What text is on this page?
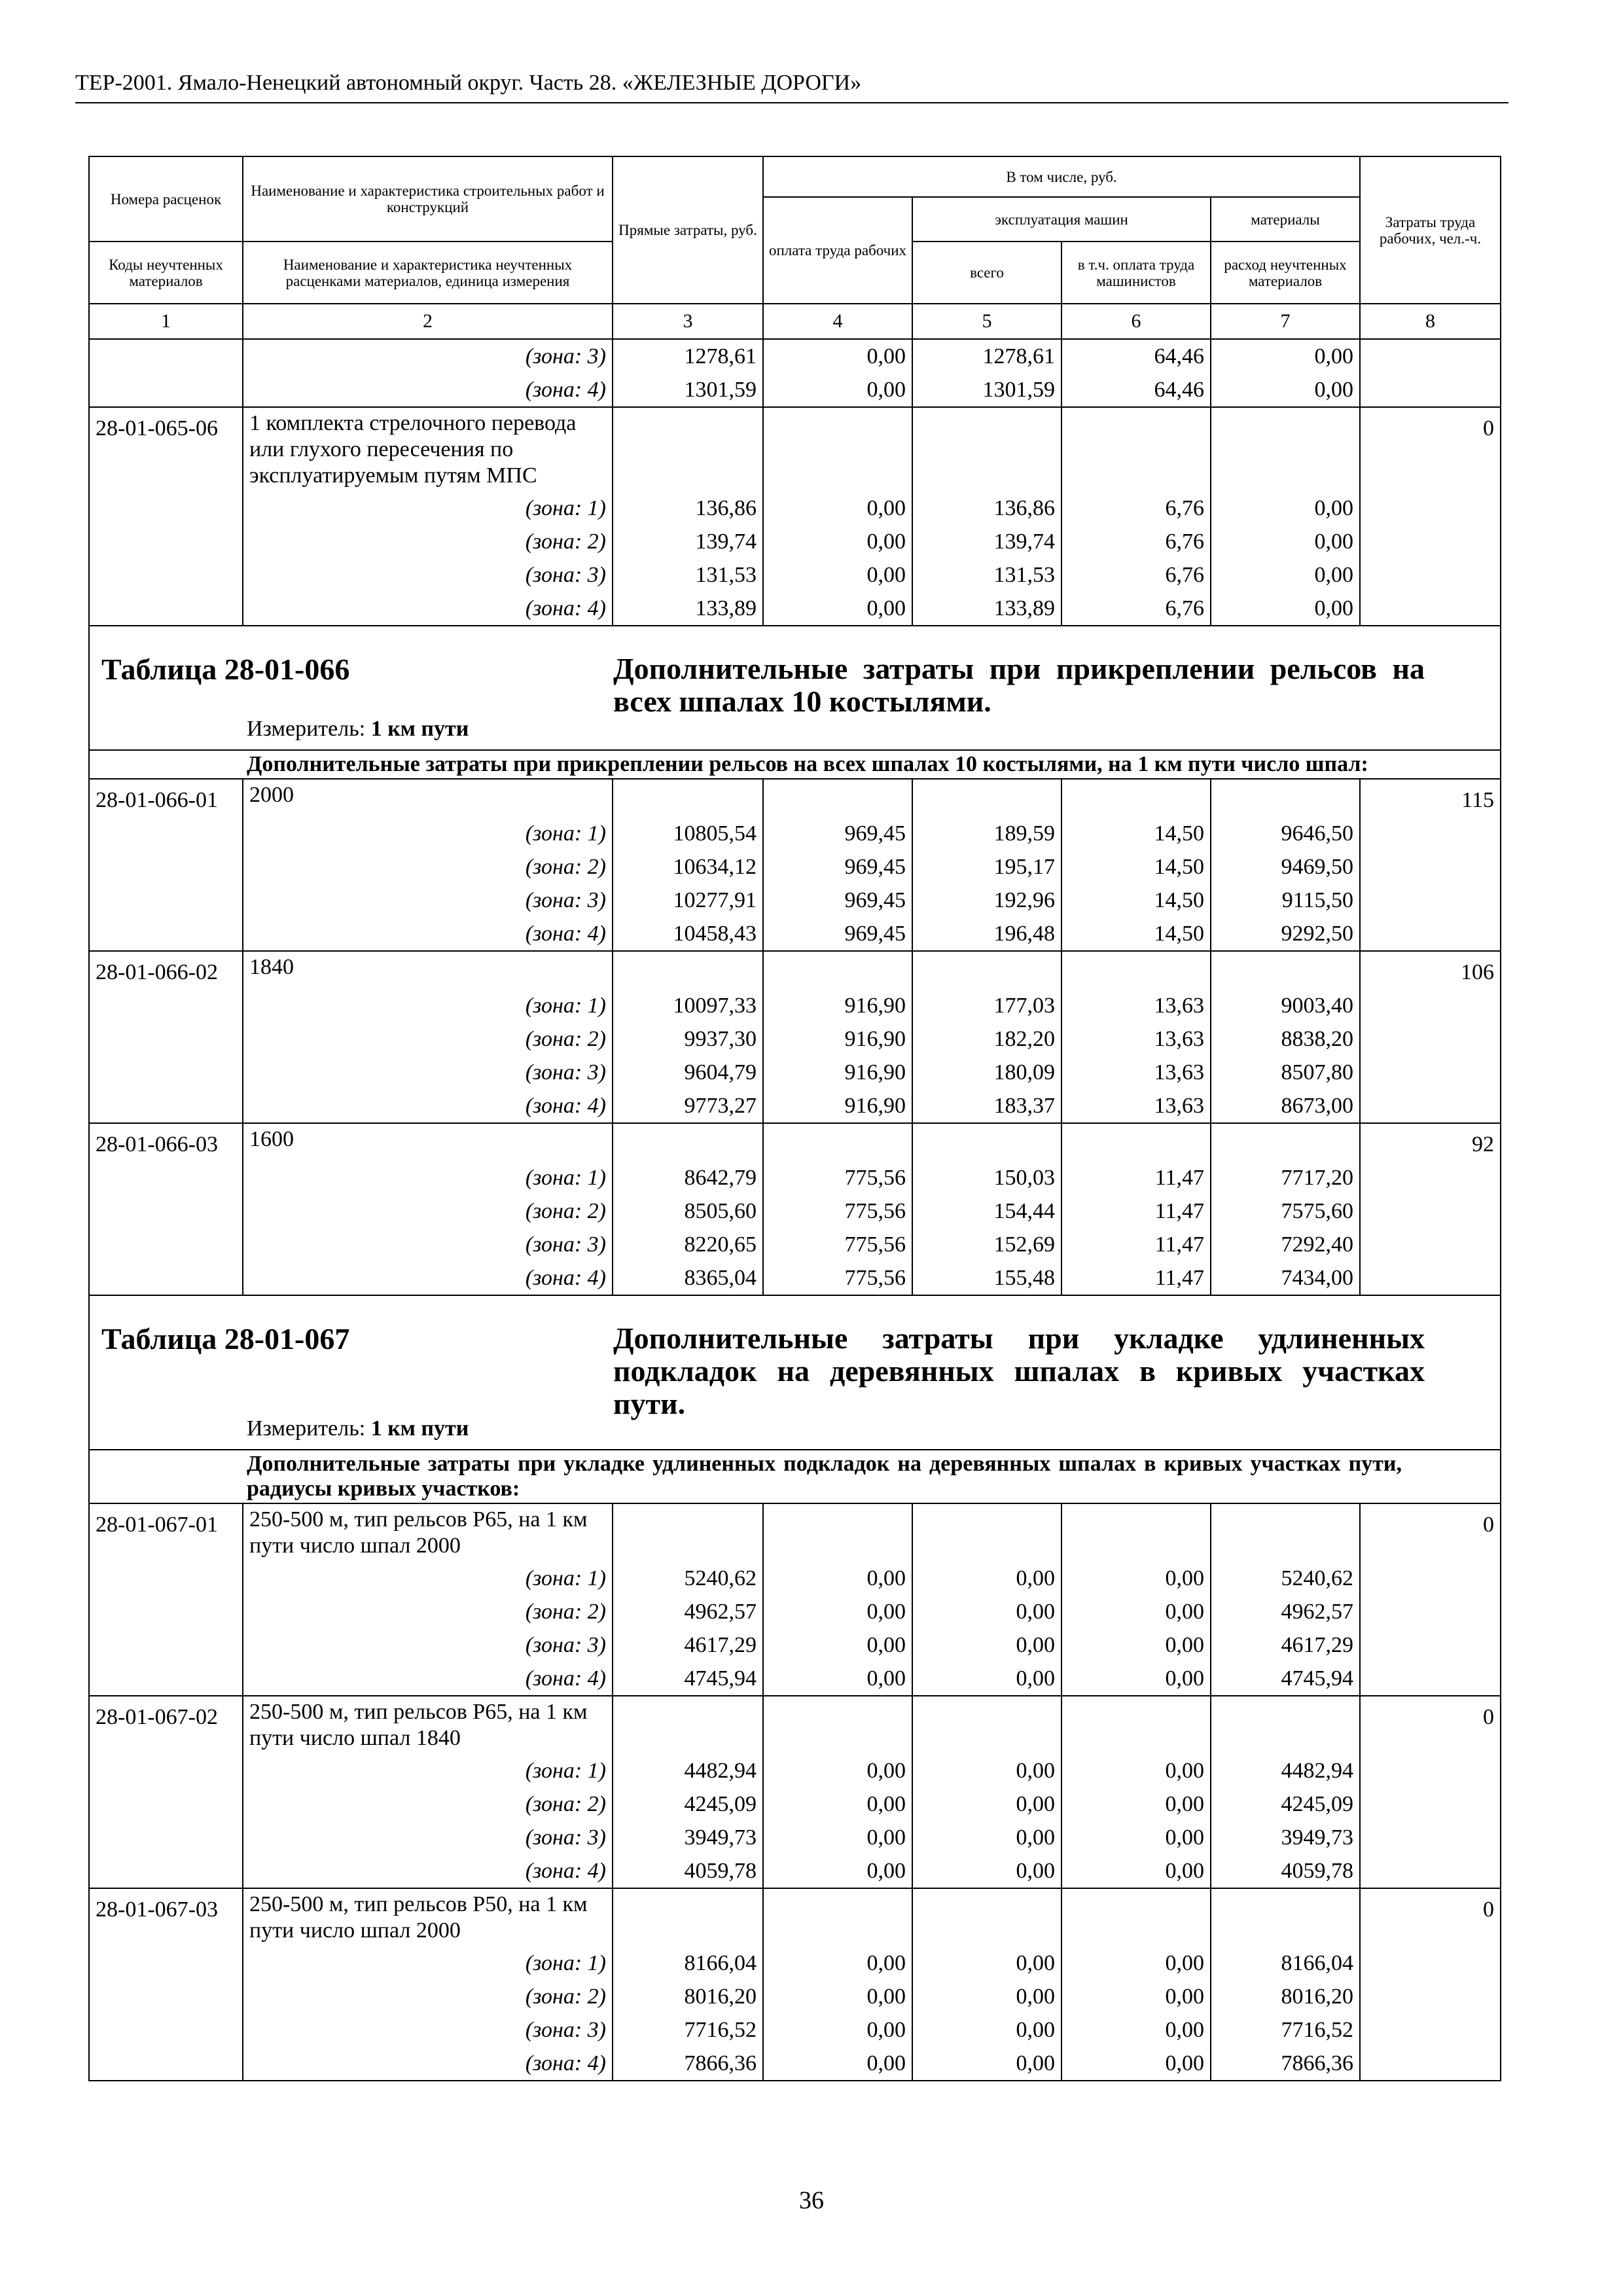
ТЕР-2001. Ямало-Ненецкий автономный округ. Часть 28. «ЖЕЛЕЗНЫЕ ДОРОГИ»
Номера расценок	Наименование и характеристика строительных работ и конструкций	Прямые затраты, руб.	В том числе, руб.				Затраты труда рабочих, чел.-ч.
			оплата труда рабочих	эксплуатация машин		материалы	
Коды неучтенных материалов	Наименование и характеристика неучтенных расценками материалов, единица измерения			всего	в т.ч. оплата труда машинистов	расход неучтенных материалов	
1	2	3	4	5	6	7	8
	(зона: 3)	1278,61	0,00	1278,61	64,46	0,00	
	(зона: 4)	1301,59	0,00	1301,59	64,46	0,00	
28-01-065-06	1 комплекта стрелочного перевода или глухого пересечения по эксплуатируемым путям МПС						0
	(зона: 1)	136,86	0,00	136,86	6,76	0,00	
	(зона: 2)	139,74	0,00	139,74	6,76	0,00	
	(зона: 3)	131,53	0,00	131,53	6,76	0,00	
	(зона: 4)	133,89	0,00	133,89	6,76	0,00	

Таблица 28-01-066 Дополнительные затраты при прикреплении рельсов на всех шпалах 10 костылями.
Измеритель: 1 км пути							

Дополнительные затраты при прикреплении рельсов на всех шпалах 10 костылями, на 1 км пути число шпал:							
28-01-066-01	2000						115
	(зона: 1)	10805,54	969,45	189,59	14,50	9646,50	
	(зона: 2)	10634,12	969,45	195,17	14,50	9469,50	
	(зона: 3)	10277,91	969,45	192,96	14,50	9115,50	
	(зона: 4)	10458,43	969,45	196,48	14,50	9292,50	
28-01-066-02	1840						106
	(зона: 1)	10097,33	916,90	177,03	13,63	9003,40	
	(зона: 2)	9937,30	916,90	182,20	13,63	8838,20	
	(зона: 3)	9604,79	916,90	180,09	13,63	8507,80	
	(зона: 4)	9773,27	916,90	183,37	13,63	8673,00	
28-01-066-03	1600						92
	(зона: 1)	8642,79	775,56	150,03	11,47	7717,20	
	(зона: 2)	8505,60	775,56	154,44	11,47	7575,60	
	(зона: 3)	8220,65	775,56	152,69	11,47	7292,40	
	(зона: 4)	8365,04	775,56	155,48	11,47	7434,00	

Таблица 28-01-067 Дополнительные затраты при укладке удлиненных подкладок на деревянных шпалах в кривых участках пути.
Измеритель: 1 км пути							

Дополнительные затраты при укладке удлиненных подкладок на деревянных шпалах в кривых участках пути, радиусы кривых участков:							
28-01-067-01	250-500 м, тип рельсов Р65, на 1 км пути число шпал 2000						0
	(зона: 1)	5240,62	0,00	0,00	0,00	5240,62	
	(зона: 2)	4962,57	0,00	0,00	0,00	4962,57	
	(зона: 3)	4617,29	0,00	0,00	0,00	4617,29	
	(зона: 4)	4745,94	0,00	0,00	0,00	4745,94	
28-01-067-02	250-500 м, тип рельсов Р65, на 1 км пути число шпал 1840						0
	(зона: 1)	4482,94	0,00	0,00	0,00	4482,94	
	(зона: 2)	4245,09	0,00	0,00	0,00	4245,09	
	(зона: 3)	3949,73	0,00	0,00	0,00	3949,73	
	(зона: 4)	4059,78	0,00	0,00	0,00	4059,78	
28-01-067-03	250-500 м, тип рельсов Р50, на 1 км пути число шпал 2000						0
	(зона: 1)	8166,04	0,00	0,00	0,00	8166,04	
	(зона: 2)	8016,20	0,00	0,00	0,00	8016,20	
	(зона: 3)	7716,52	0,00	0,00	0,00	7716,52	
	(зона: 4)	7866,36	0,00	0,00	0,00	7866,36	
36
